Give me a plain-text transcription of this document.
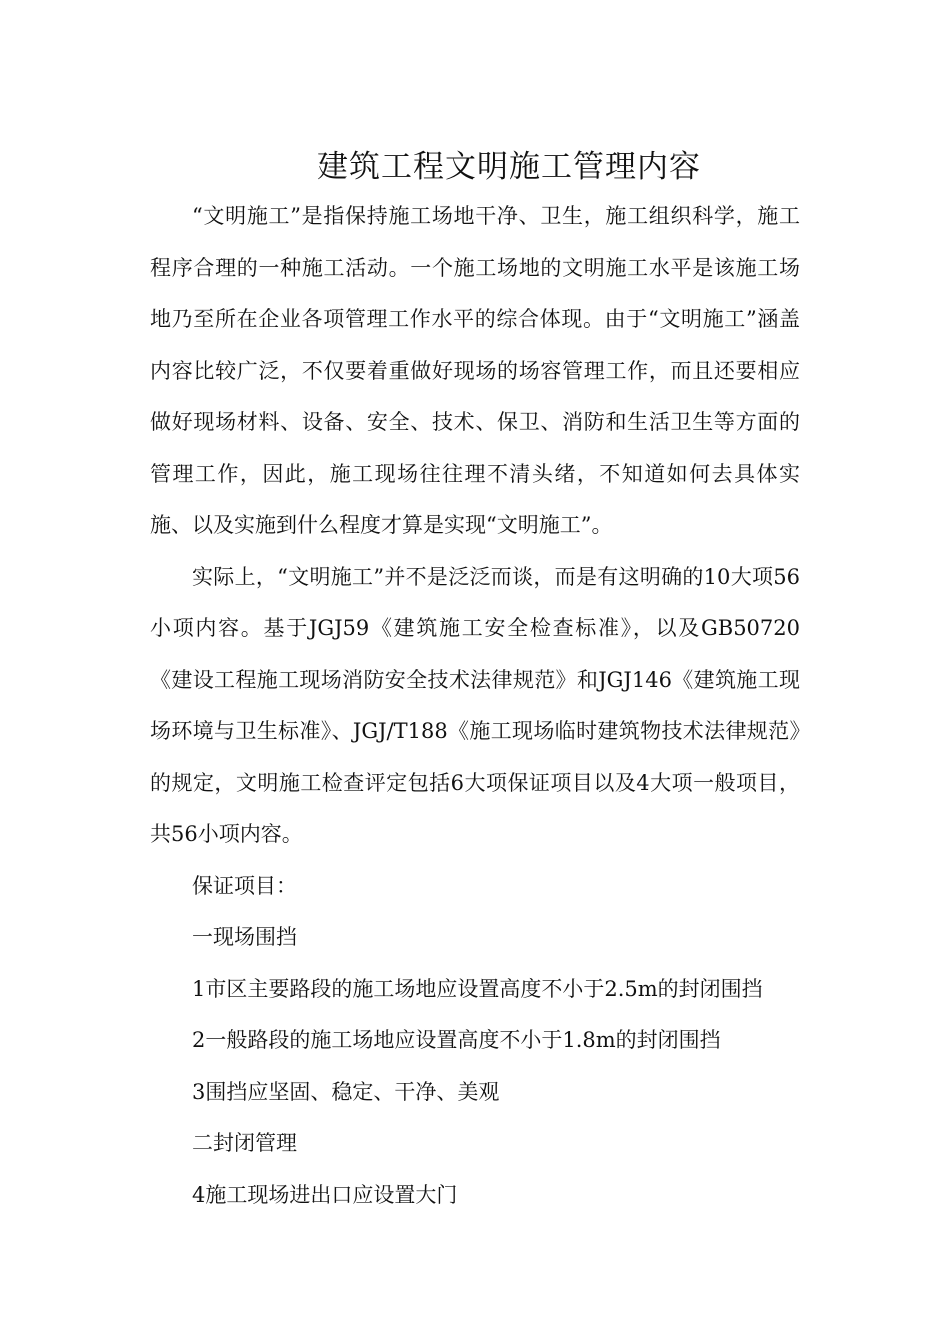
建筑工程文明施工管理内容

“文明施工”是指保持施工场地干净、卫生，施工组织科学，施工程序合理的一种施工活动。一个施工场地的文明施工水平是该施工场地乃至所在企业各项管理工作水平的综合体现。由于“文明施工”涵盖内容比较广泛，不仅要着重做好现场的场容管理工作，而且还要相应做好现场材料、设备、安全、技术、保卫、消防和生活卫生等方面的管理工作，因此，施工现场往往理不清头绪，不知道如何去具体实施、以及实施到什么程度才算是实现“文明施工”。

实际上，“文明施工”并不是泛泛而谈，而是有这明确的10大项56小项内容。基于JGJ59《建筑施工安全检查标准》，以及GB50720《建设工程施工现场消防安全技术法律规范》和JGJ146《建筑施工现场环境与卫生标准》、JGJ/T188《施工现场临时建筑物技术法律规范》的规定，文明施工检查评定包括6大项保证项目以及4大项一般项目，共56小项内容。

保证项目：

一现场围挡

1市区主要路段的施工场地应设置高度不小于2.5m的封闭围挡

2一般路段的施工场地应设置高度不小于1.8m的封闭围挡

3围挡应坚固、稳定、干净、美观

二封闭管理

4施工现场进出口应设置大门
